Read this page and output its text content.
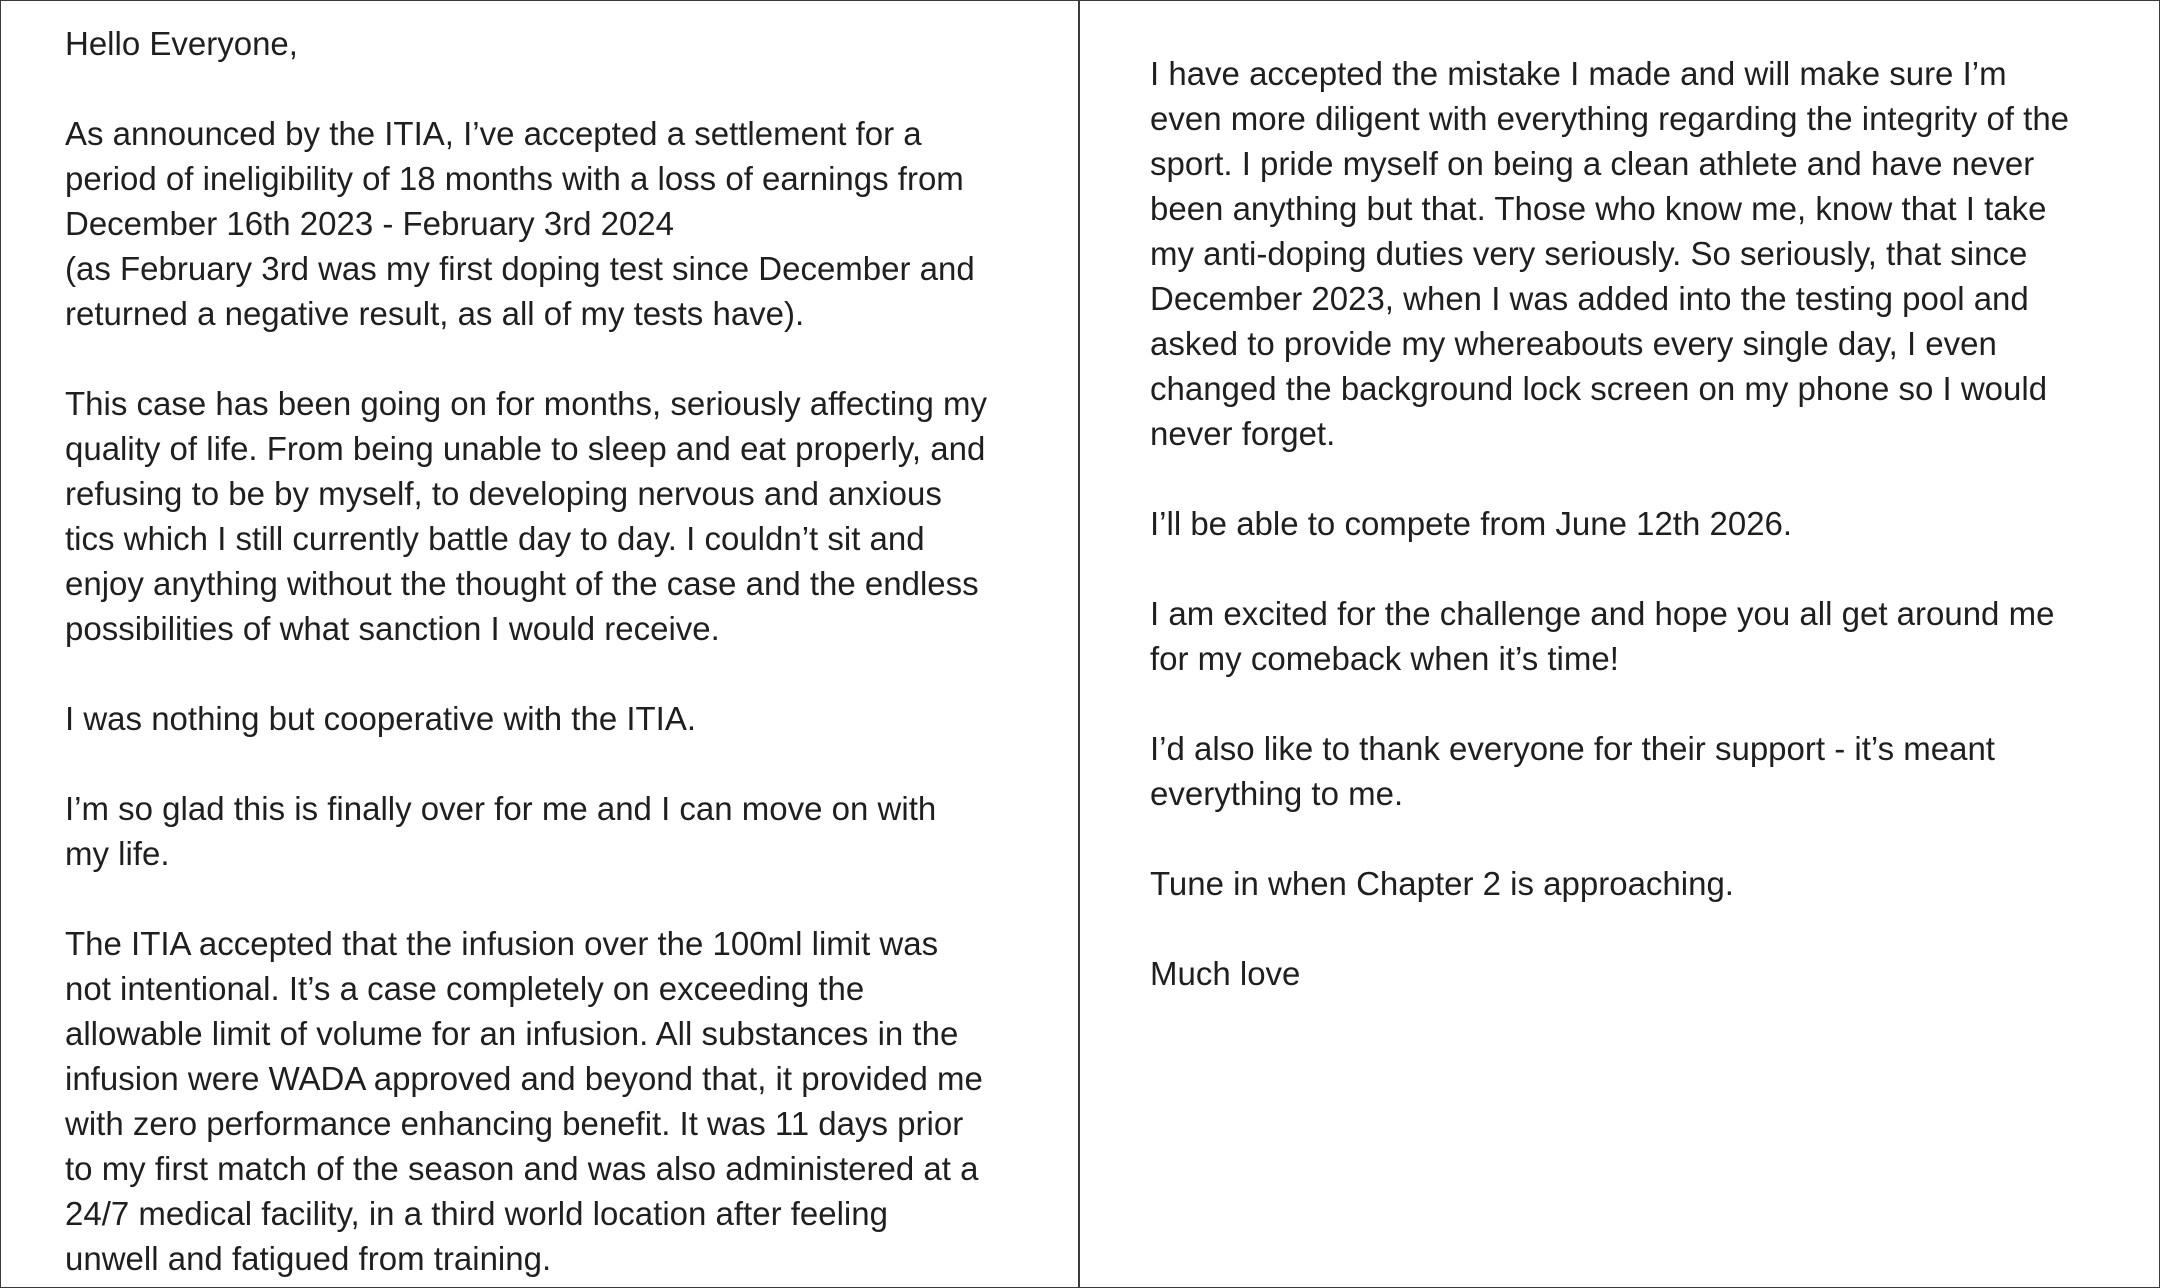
Hello Everyone,

As announced by the ITIA, I’ve accepted a settlement for a
period of ineligibility of 18 months with a loss of earnings from
December 16th 2023 - February 3rd 2024
(as February 3rd was my first doping test since December and
returned a negative result, as all of my tests have).

This case has been going on for months, seriously affecting my
quality of life. From being unable to sleep and eat properly, and
refusing to be by myself, to developing nervous and anxious
tics which I still currently battle day to day. I couldn’t sit and
enjoy anything without the thought of the case and the endless
possibilities of what sanction I would receive.

I was nothing but cooperative with the ITIA.

I’m so glad this is finally over for me and I can move on with
my life.

The ITIA accepted that the infusion over the 100ml limit was
not intentional. It’s a case completely on exceeding the
allowable limit of volume for an infusion. All substances in the
infusion were WADA approved and beyond that, it provided me
with zero performance enhancing benefit. It was 11 days prior
to my first match of the season and was also administered at a
24/7 medical facility, in a third world location after feeling
unwell and fatigued from training.

I have accepted the mistake I made and will make sure I’m
even more diligent with everything regarding the integrity of the
sport. I pride myself on being a clean athlete and have never
been anything but that. Those who know me, know that I take
my anti-doping duties very seriously. So seriously, that since
December 2023, when I was added into the testing pool and
asked to provide my whereabouts every single day, I even
changed the background lock screen on my phone so I would
never forget.

I’ll be able to compete from June 12th 2026.

I am excited for the challenge and hope you all get around me
for my comeback when it’s time!

I’d also like to thank everyone for their support - it’s meant
everything to me.

Tune in when Chapter 2 is approaching.

Much love
